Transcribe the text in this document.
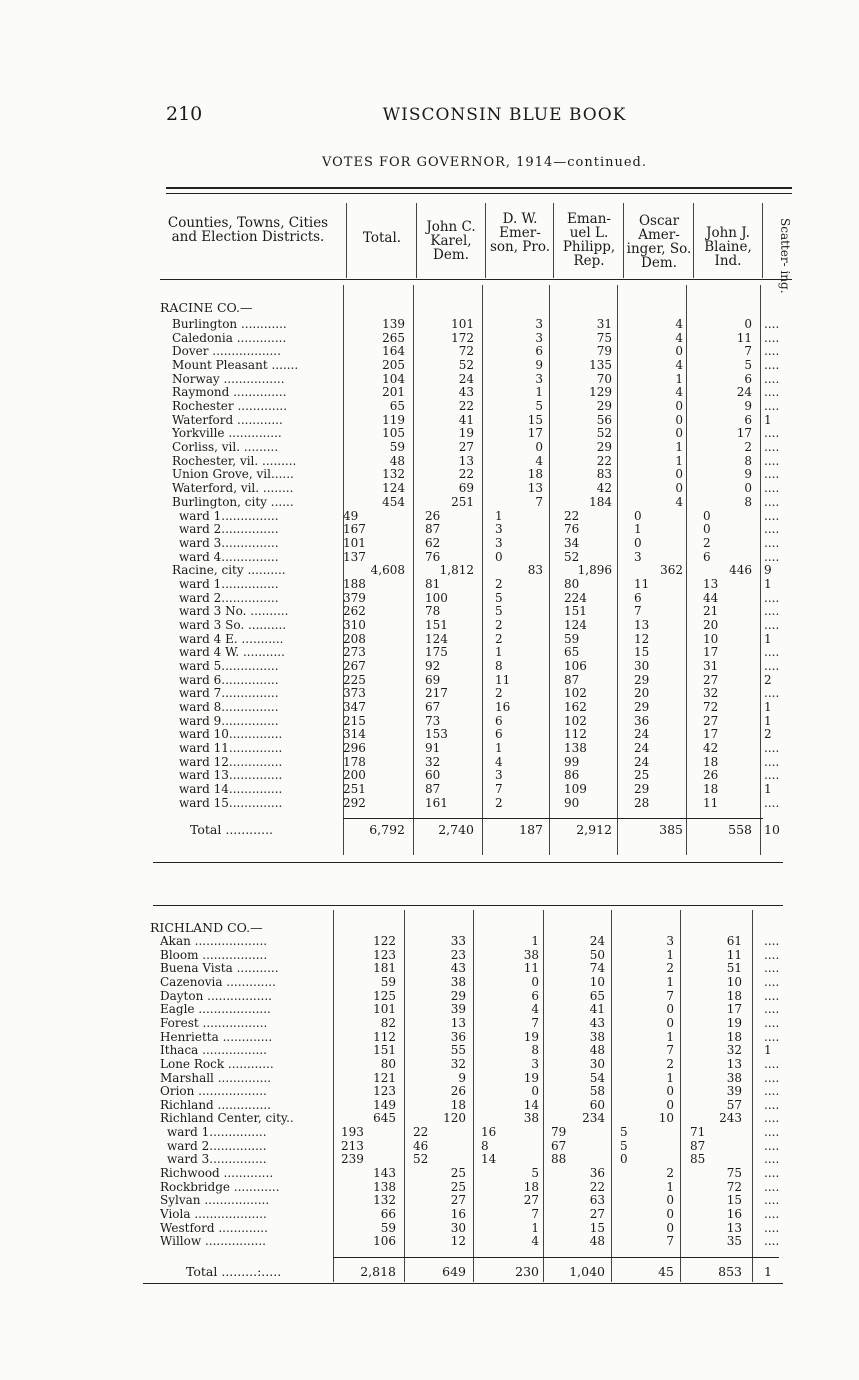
210	WISCONSIN BLUE BOOK
VOTES FOR GOVERNOR, 1914—continued.
Counties, Towns, Cities and Election Districts.	Total.
John C. Karel, Dem.
D. W. Emer- son, Pro.
Eman- uel L. Philipp, Rep.
Oscar Amer- inger, So. Dem.
John J. Blaine, Ind.	Scatter- ing.
RACINE CO.—
Burlington ............	139	101	3	31	4	0 ....
Caledonia .............	265	172	3	75	4	11 ....
Dover ..................	164	72	6	79	0	7 ....
Mount Pleasant .......	205	52	9	135	4	5 ....
Norway ................	104	24	3	70	1	6 ....
Raymond ..............	201	43	1	129	4	24 ....
Rochester .............	65	22	5	29	0	9 ....
Waterford ............	119	41	15	56	0	6 1
Yorkville ..............	105	19	17	52	0	17 ....
Corliss, vil. .........	59	27	0	29	1	2 ....
Rochester, vil. .........	48	13	4	22	1	8 ....
Union Grove, vil......	132	22	18	83	0	9 ....
Waterford, vil. ........	124	69	13	42	0	0 ....
Burlington, city ......	454	251	7	184	4	8 ....
ward 1...............	49	26	1	22	0	0	....
ward 2...............	167	87	3	76	1	0	....
ward 3...............	101	62	3	34	0	2	....
ward 4...............	137	76	0	52	3	6	....
Racine, city ..........	4,608	1,812	83	1,896	362	446 9
ward 1...............	188	81	2	80	11	13	1
ward 2...............	379	100	5	224	6	44	....
ward 3 No. ..........	262	78	5	151	7	21	....
ward 3 So. ..........	310	151	2	124	13	20	....
ward 4 E. ...........	208	124	2	59	12	10	1
ward 4 W. ...........	273	175	1	65	15	17	....
ward 5...............	267	92	8	106	30	31	....
ward 6...............	225	69	11	87	29	27	2
ward 7...............	373	217	2	102	20	32	....
ward 8...............	347	67	16	162	29	72	1
ward 9...............	215	73	6	102	36	27	1
ward 10..............	314	153	6	112	24	17	2
ward 11..............	296	91	1	138	24	42	....
ward 12..............	178	32	4	99	24	18	....
ward 13..............	200	60	3	86	25	26	....
ward 14..............	251	87	7	109	29	18	1
ward 15..............	292	161	2	90	28	11	....
Total ............	6,792	2,740	187	2,912	385	558 10
RICHLAND CO.—
Akan ...................	122	33	1	24	3	61 ....
Bloom .................	123	23	38	50	1	11 ....
Buena Vista ...........	181	43	11	74	2	51 ....
Cazenovia .............	59	38	0	10	1	10 ....
Dayton .................	125	29	6	65	7	18 ....
Eagle ...................	101	39	4	41	0	17 ....
Forest .................	82	13	7	43	0	19 ....
Henrietta .............	112	36	19	38	1	18 ....
Ithaca .................	151	55	8	48	7	32 1
Lone Rock ............	80	32	3	30	2	13 ....
Marshall ..............	121	9	19	54	1	38 ....
Orion ..................	123	26	0	58	0	39 ....
Richland ..............	149	18	14	60	0	57 ....
Richland Center, city..	645	120	38	234	10	243 ....
ward 1...............	193	22	16	79	5	71	....
ward 2...............	213	46	8	67	5	87	....
ward 3...............	239	52	14	88	0	85	....
Richwood .............	143	25	5	36	2	75 ....
Rockbridge ............	138	25	18	22	1	72 ....
Sylvan .................	132	27	27	63	0	15 ....
Viola ...................	66	16	7	27	0	16 ....
Westford .............	59	30	1	15	0	13 ....
Willow ................	106	12	4	48	7	35 ....
Total .........:.....	2,818	649	230	1,040	45	853 1
